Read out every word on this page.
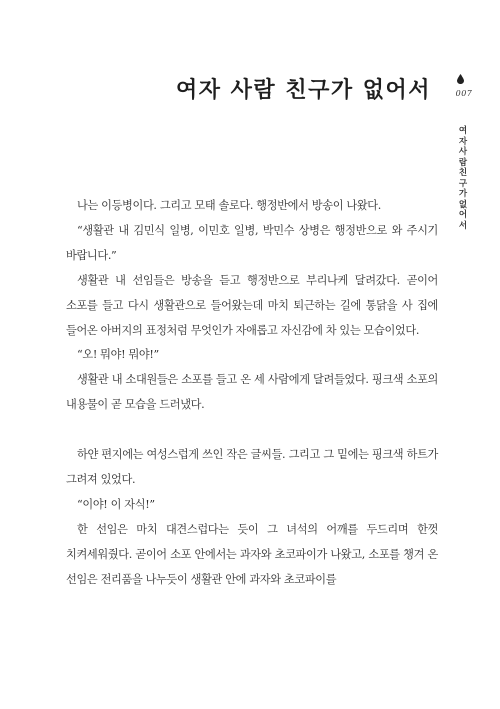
여자 사람 친구가 없어서	007
여자 사람 친구가 없어서

나는 이등병이다. 그리고 모태 솔로다. 행정반에서 방송이 나왔다.

“생활관 내 김민식 일병, 이민호 일병, 박민수 상병은 행정반으로 와 주시기 바랍니다.”

생활관 내 선임들은 방송을 듣고 행정반으로 부리나케 달려갔다. 곧이어 소포를 들고 다시 생활관으로 들어왔는데 마치 퇴근하는 길에 통닭을 사 집에 들어온 아버지의 표정처럼 무엇인가 자애롭고 자신감에 차 있는 모습이었다.

“오! 뭐야! 뭐야!”

생활관 내 소대원들은 소포를 들고 온 세 사람에게 달려들었다. 핑크색 소포의 내용물이 곧 모습을 드러냈다.

하얀 편지에는 여성스럽게 쓰인 작은 글씨들. 그리고 그 밑에는 핑크색 하트가 그려져 있었다.

“이야! 이 자식!”

한 선임은 마치 대견스럽다는 듯이 그 녀석의 어깨를 두드리며 한껏 치켜세워줬다. 곧이어 소포 안에서는 과자와 초코파이가 나왔고, 소포를 챙겨 온 선임은 전리품을 나누듯이 생활관 안에 과자와 초코파이를
